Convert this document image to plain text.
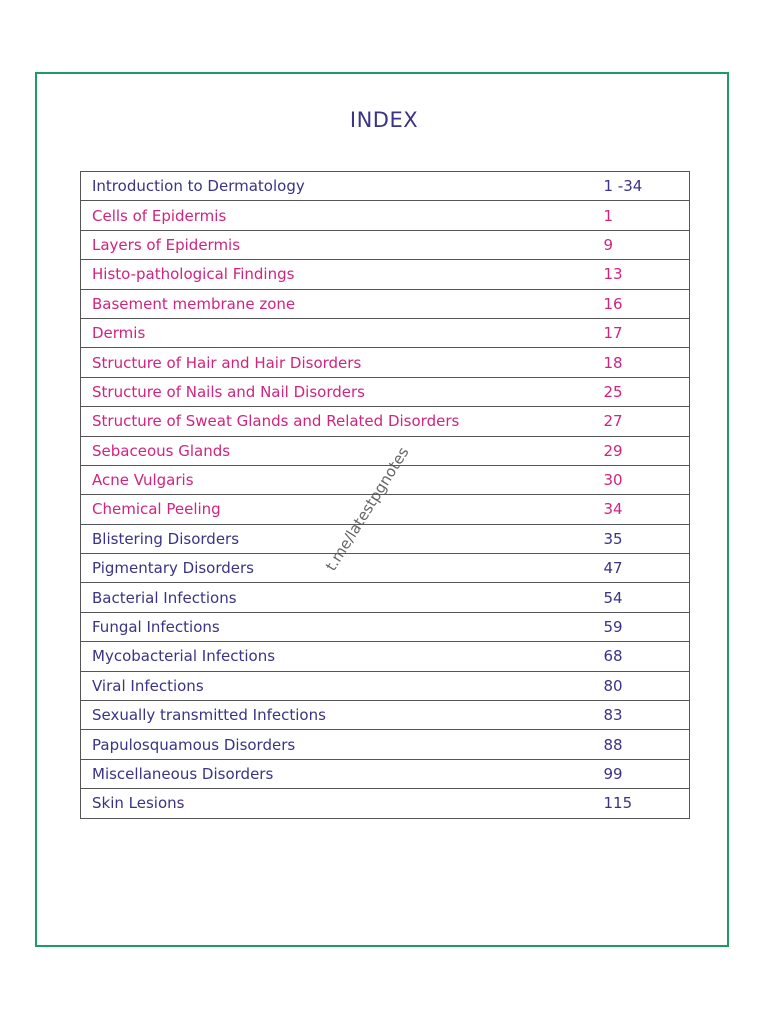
INDEX
Introduction to Dermatology	1 -34
Cells of Epidermis	1
Layers of Epidermis	9
Histo-pathological Findings	13
Basement membrane zone	16
Dermis	17
Structure of Hair and Hair Disorders	18
Structure of Nails and Nail Disorders	25
Structure of Sweat Glands and Related Disorders	27
Sebaceous Glands	29
Acne Vulgaris	30
Chemical Peeling	34
Blistering Disorders	35
Pigmentary Disorders	47
Bacterial Infections	54
Fungal Infections	59
Mycobacterial Infections	68
Viral Infections	80
Sexually transmitted Infections	83
Papulosquamous Disorders	88
Miscellaneous Disorders	99
Skin Lesions	115
t.me/latestpgnotes
